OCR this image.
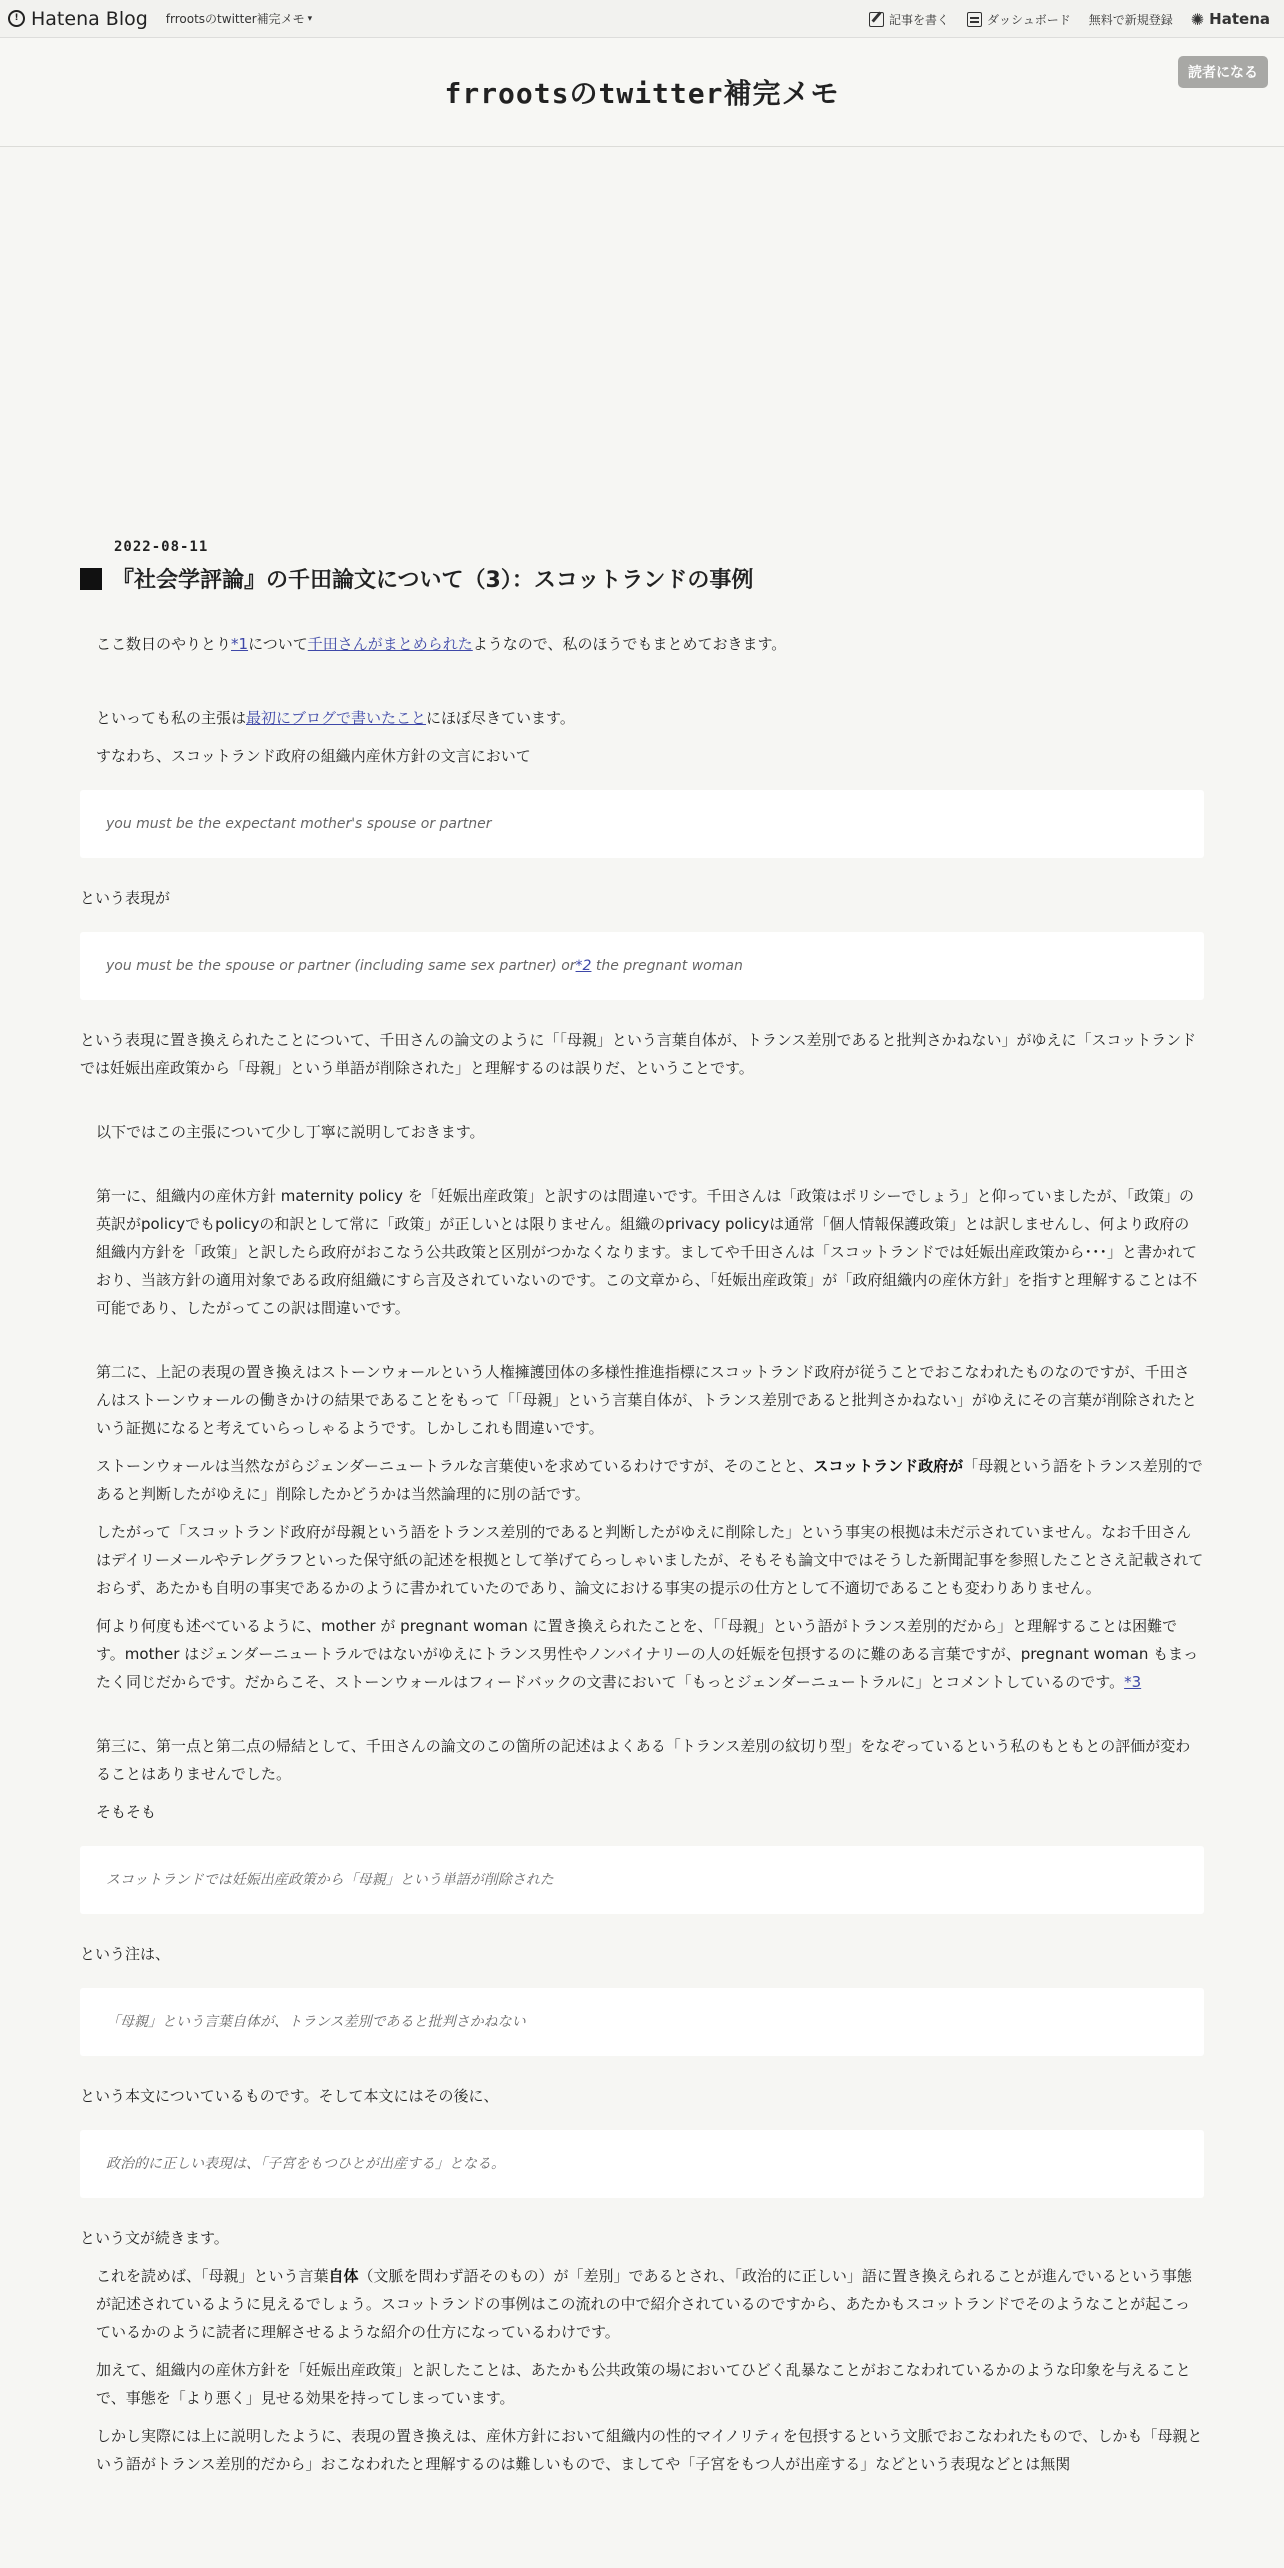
! Hatena Blog frrootsのtwitter補完メモ ▾	記事を書く	ダッシュボード 無料で新規登録 ✺ Hatena
frrootsのtwitter補完メモ
読者になる
2022-08-11
『社会学評論』の千田論文について（3）：スコットランドの事例

ここ数日のやりとり*1について千田さんがまとめられたようなので、私のほうでもまとめておきます。

といっても私の主張は最初にブログで書いたことにほぼ尽きています。

すなわち、スコットランド政府の組織内産休方針の文言において

you must be the expectant mother's spouse or partner

という表現が

you must be the spouse or partner (including same sex partner) or*2 the pregnant woman

という表現に置き換えられたことについて、千田さんの論文のように「「母親」という言葉自体が、トランス差別であると批判さかねない」がゆえに「スコットランドでは妊娠出産政策から「母親」という単語が削除された」と理解するのは誤りだ、ということです。

以下ではこの主張について少し丁寧に説明しておきます。

第一に、組織内の産休方針 maternity policy を「妊娠出産政策」と訳すのは間違いです。千田さんは「政策はポリシーでしょう」と仰っていましたが、「政策」の英訳がpolicyでもpolicyの和訳として常に「政策」が正しいとは限りません。組織のprivacy policyは通常「個人情報保護政策」とは訳しませんし、何より政府の組織内方針を「政策」と訳したら政府がおこなう公共政策と区別がつかなくなります。ましてや千田さんは「スコットランドでは妊娠出産政策から･･･」と書かれており、当該方針の適用対象である政府組織にすら言及されていないのです。この文章から、「妊娠出産政策」が「政府組織内の産休方針」を指すと理解することは不可能であり、したがってこの訳は間違いです。

第二に、上記の表現の置き換えはストーンウォールという人権擁護団体の多様性推進指標にスコットランド政府が従うことでおこなわれたものなのですが、千田さんはストーンウォールの働きかけの結果であることをもって「「母親」という言葉自体が、トランス差別であると批判さかねない」がゆえにその言葉が削除されたという証拠になると考えていらっしゃるようです。しかしこれも間違いです。

ストーンウォールは当然ながらジェンダーニュートラルな言葉使いを求めているわけですが、そのことと、スコットランド政府が「母親という語をトランス差別的であると判断したがゆえに」削除したかどうかは当然論理的に別の話です。

したがって「スコットランド政府が母親という語をトランス差別的であると判断したがゆえに削除した」という事実の根拠は未だ示されていません。なお千田さんはデイリーメールやテレグラフといった保守紙の記述を根拠として挙げてらっしゃいましたが、そもそも論文中ではそうした新聞記事を参照したことさえ記載されておらず、あたかも自明の事実であるかのように書かれていたのであり、論文における事実の提示の仕方として不適切であることも変わりありません。

何より何度も述べているように、mother が pregnant woman に置き換えられたことを、「「母親」という語がトランス差別的だから」と理解することは困難です。mother はジェンダーニュートラルではないがゆえにトランス男性やノンバイナリーの人の妊娠を包摂するのに難のある言葉ですが、pregnant woman もまったく同じだからです。だからこそ、ストーンウォールはフィードバックの文書において「もっとジェンダーニュートラルに」とコメントしているのです。*3

第三に、第一点と第二点の帰結として、千田さんの論文のこの箇所の記述はよくある「トランス差別の紋切り型」をなぞっているという私のもともとの評価が変わることはありませんでした。

そもそも

スコットランドでは妊娠出産政策から「母親」という単語が削除された

という注は、

「母親」という言葉自体が、トランス差別であると批判さかねない

という本文についているものです。そして本文にはその後に、

政治的に正しい表現は、「子宮をもつひとが出産する」となる。

という文が続きます。

これを読めば、「母親」という言葉自体（文脈を問わず語そのもの）が「差別」であるとされ、「政治的に正しい」語に置き換えられることが進んでいるという事態が記述されているように見えるでしょう。スコットランドの事例はこの流れの中で紹介されているのですから、あたかもスコットランドでそのようなことが起こっているかのように読者に理解させるような紹介の仕方になっているわけです。

加えて、組織内の産休方針を「妊娠出産政策」と訳したことは、あたかも公共政策の場においてひどく乱暴なことがおこなわれているかのような印象を与えることで、事態を「より悪く」見せる効果を持ってしまっています。

しかし実際には上に説明したように、表現の置き換えは、産休方針において組織内の性的マイノリティを包摂するという文脈でおこなわれたもので、しかも「母親という語がトランス差別的だから」おこなわれたと理解するのは難しいもので、ましてや「子宮をもつ人が出産する」などという表現などとは無関
